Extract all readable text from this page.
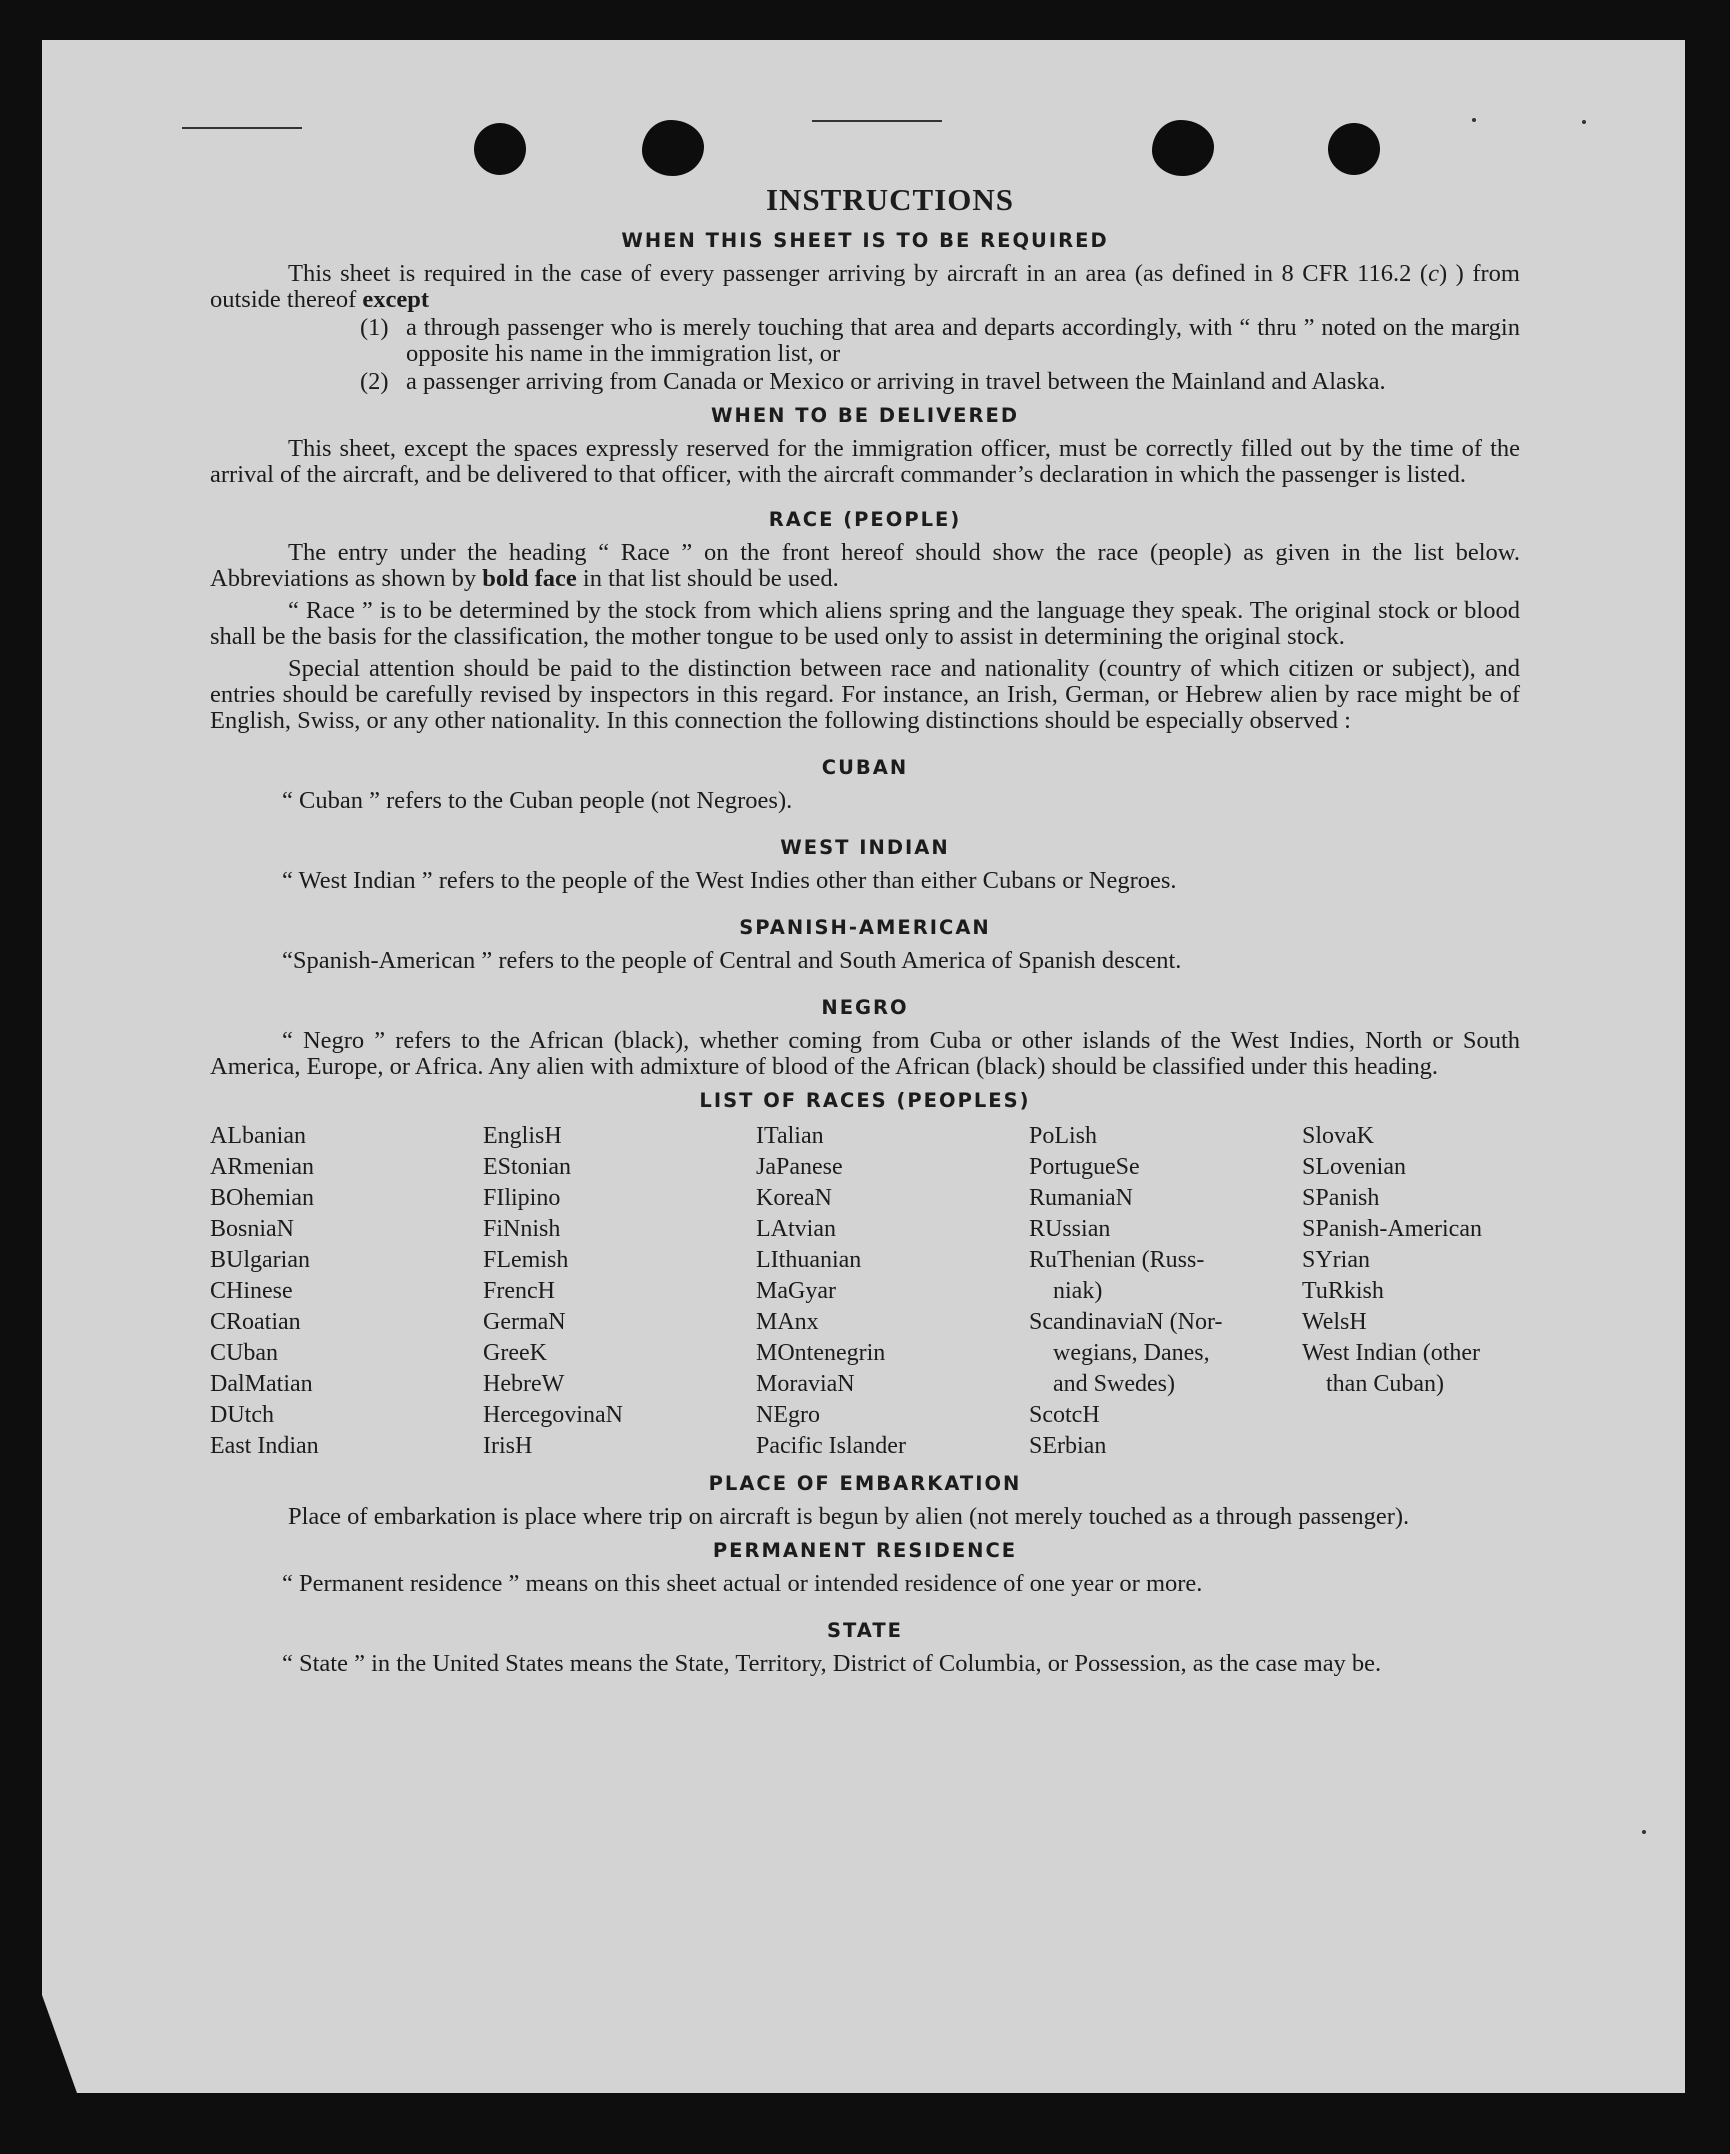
INSTRUCTIONS
WHEN THIS SHEET IS TO BE REQUIRED

This sheet is required in the case of every passenger arriving by aircraft in an area (as defined in 8 CFR 116.2 (c) ) from outside thereof except

(1) a through passenger who is merely touching that area and departs accordingly, with “ thru ” noted on the margin opposite his name in the immigration list, or
(2) a passenger arriving from Canada or Mexico or arriving in travel between the Mainland and Alaska.
WHEN TO BE DELIVERED

This sheet, except the spaces expressly reserved for the immigration officer, must be correctly filled out by the time of the arrival of the aircraft, and be delivered to that officer, with the aircraft commander’s declaration in which the passenger is listed.

RACE (PEOPLE)

The entry under the heading “ Race ” on the front hereof should show the race (people) as given in the list below. Abbreviations as shown by bold face in that list should be used.

“ Race ” is to be determined by the stock from which aliens spring and the language they speak. The original stock or blood shall be the basis for the classification, the mother tongue to be used only to assist in determining the original stock.

Special attention should be paid to the distinction between race and nationality (country of which citizen or subject), and entries should be carefully revised by inspectors in this regard. For instance, an Irish, German, or Hebrew alien by race might be of English, Swiss, or any other nationality. In this connection the following distinctions should be especially observed :

CUBAN

“ Cuban ” refers to the Cuban people (not Negroes).

WEST INDIAN

“ West Indian ” refers to the people of the West Indies other than either Cubans or Negroes.

SPANISH-AMERICAN

“Spanish-American ” refers to the people of Central and South America of Spanish descent.

NEGRO

“ Negro ” refers to the African (black), whether coming from Cuba or other islands of the West Indies, North or South America, Europe, or Africa. Any alien with admixture of blood of the African (black) should be classified under this heading.

LIST OF RACES (PEOPLES)
ALbanian
ARmenian
BOhemian
BosniaN
BUlgarian
CHinese
CRoatian
CUban
DalMatian
DUtch
East Indian
EnglisH
EStonian
FIlipino
FiNnish
FLemish
FrencH
GermaN
GreeK
HebreW
HercegovinaN
IrisH
ITalian
JaPanese
KoreaN
LAtvian
LIthuanian
MaGyar
MAnx
MOntenegrin
MoraviaN
NEgro
Pacific Islander
PoLish
PortugueSe
RumaniaN
RUssian
RuThenian (Russ-
niak)
ScandinaviaN (Nor-
wegians, Danes,
and Swedes)
ScotcH
SErbian
SlovaK
SLovenian
SPanish
SPanish-American
SYrian
TuRkish
WelsH
West Indian (other
than Cuban)
PLACE OF EMBARKATION

Place of embarkation is place where trip on aircraft is begun by alien (not merely touched as a through passenger).

PERMANENT RESIDENCE

“ Permanent residence ” means on this sheet actual or intended residence of one year or more.

STATE

“ State ” in the United States means the State, Territory, District of Columbia, or Possession, as the case may be.
